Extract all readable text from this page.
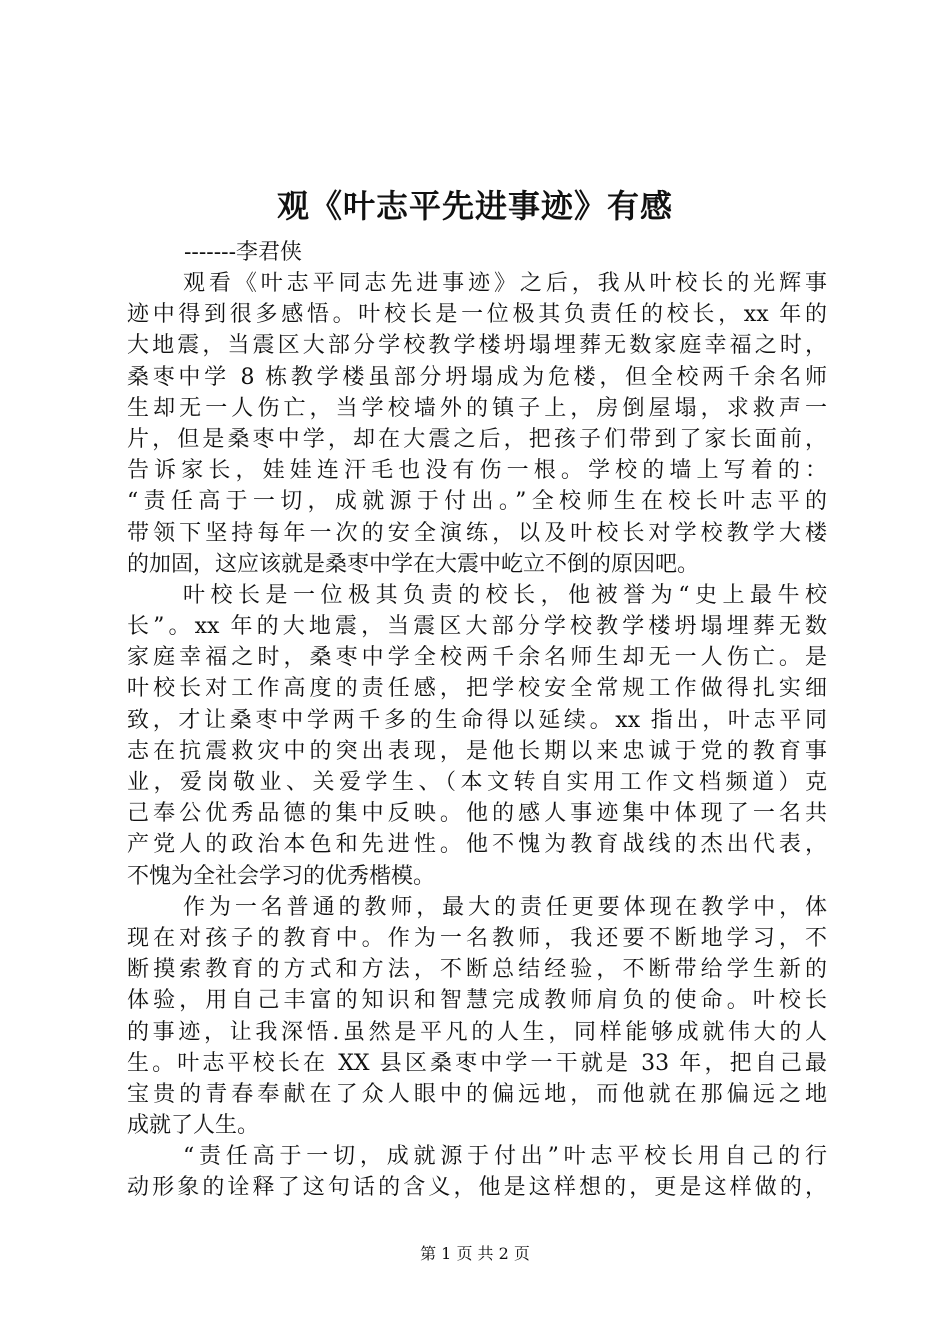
观《叶志平先进事迹》有感
-------李君侠
观看《叶志平同志先进事迹》之后，我从叶校长的光辉事
迹中得到很多感悟。叶校长是一位极其负责任的校长，xx 年的
大地震，当震区大部分学校教学楼坍塌埋葬无数家庭幸福之时，
桑枣中学 8 栋教学楼虽部分坍塌成为危楼，但全校两千余名师
生却无一人伤亡，当学校墙外的镇子上，房倒屋塌，求救声一
片，但是桑枣中学，却在大震之后，把孩子们带到了家长面前，
告诉家长，娃娃连汗毛也没有伤一根。学校的墙上写着的：
“责任高于一切，成就源于付出。”全校师生在校长叶志平的
带领下坚持每年一次的安全演练，以及叶校长对学校教学大楼
的加固，这应该就是桑枣中学在大震中屹立不倒的原因吧。
叶校长是一位极其负责的校长，他被誉为“史上最牛校
长”。xx 年的大地震，当震区大部分学校教学楼坍塌埋葬无数
家庭幸福之时，桑枣中学全校两千余名师生却无一人伤亡。是
叶校长对工作高度的责任感，把学校安全常规工作做得扎实细
致，才让桑枣中学两千多的生命得以延续。xx 指出，叶志平同
志在抗震救灾中的突出表现，是他长期以来忠诚于党的教育事
业，爱岗敬业、关爱学生、（本文转自实用工作文档频道）克
己奉公优秀品德的集中反映。他的感人事迹集中体现了一名共
产党人的政治本色和先进性。他不愧为教育战线的杰出代表，
不愧为全社会学习的优秀楷模。
作为一名普通的教师，最大的责任更要体现在教学中，体
现在对孩子的教育中。作为一名教师，我还要不断地学习，不
断摸索教育的方式和方法，不断总结经验，不断带给学生新的
体验，用自己丰富的知识和智慧完成教师肩负的使命。叶校长
的事迹，让我深悟.虽然是平凡的人生，同样能够成就伟大的人
生。叶志平校长在 XX 县区桑枣中学一干就是 33 年，把自己最
宝贵的青春奉献在了众人眼中的偏远地，而他就在那偏远之地
成就了人生。
“责任高于一切，成就源于付出”叶志平校长用自己的行
动形象的诠释了这句话的含义，他是这样想的，更是这样做的，
第 1 页 共 2 页
